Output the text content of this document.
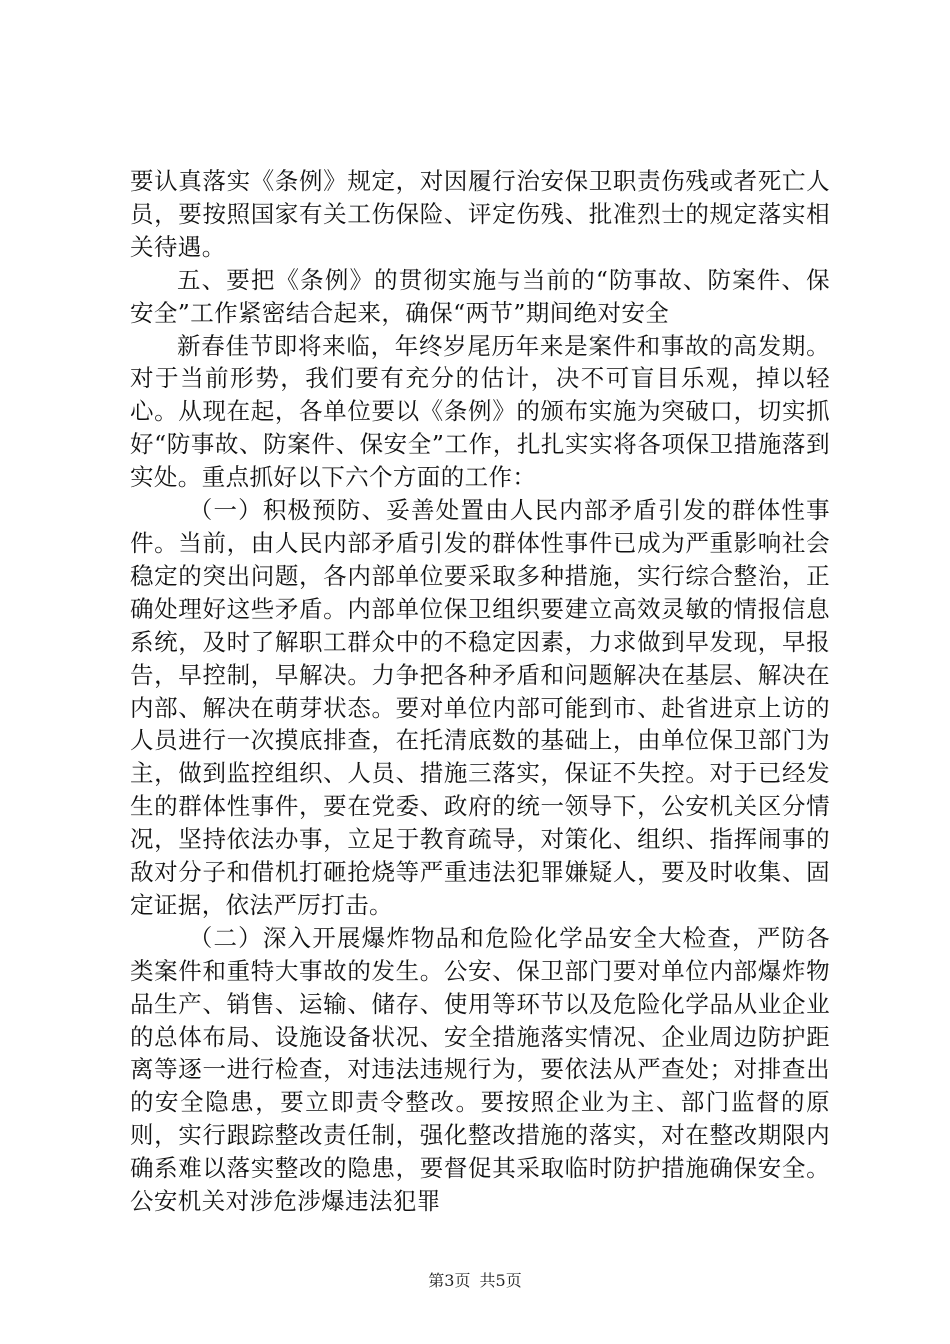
要认真落实《条例》规定，对因履行治安保卫职责伤残或者死亡人员，要按照国家有关工伤保险、评定伤残、批准烈士的规定落实相关待遇。

五、要把《条例》的贯彻实施与当前的“防事故、防案件、保安全”工作紧密结合起来，确保“两节”期间绝对安全

新春佳节即将来临，年终岁尾历年来是案件和事故的高发期。对于当前形势，我们要有充分的估计，决不可盲目乐观，掉以轻心。从现在起，各单位要以《条例》的颁布实施为突破口，切实抓好“防事故、防案件、保安全”工作，扎扎实实将各项保卫措施落到实处。重点抓好以下六个方面的工作：

（一）积极预防、妥善处置由人民内部矛盾引发的群体性事件。当前，由人民内部矛盾引发的群体性事件已成为严重影响社会稳定的突出问题，各内部单位要采取多种措施，实行综合整治，正确处理好这些矛盾。内部单位保卫组织要建立高效灵敏的情报信息系统，及时了解职工群众中的不稳定因素，力求做到早发现，早报告，早控制，早解决。力争把各种矛盾和问题解决在基层、解决在内部、解决在萌芽状态。要对单位内部可能到市、赴省进京上访的人员进行一次摸底排查，在托清底数的基础上，由单位保卫部门为主，做到监控组织、人员、措施三落实，保证不失控。对于已经发生的群体性事件，要在党委、政府的统一领导下，公安机关区分情况，坚持依法办事，立足于教育疏导，对策化、组织、指挥闹事的敌对分子和借机打砸抢烧等严重违法犯罪嫌疑人，要及时收集、固定证据，依法严厉打击。

（二）深入开展爆炸物品和危险化学品安全大检查，严防各类案件和重特大事故的发生。公安、保卫部门要对单位内部爆炸物品生产、销售、运输、储存、使用等环节以及危险化学品从业企业的总体布局、设施设备状况、安全措施落实情况、企业周边防护距离等逐一进行检查，对违法违规行为，要依法从严查处；对排查出的安全隐患，要立即责令整改。要按照企业为主、部门监督的原则，实行跟踪整改责任制，强化整改措施的落实，对在整改期限内确系难以落实整改的隐患，要督促其采取临时防护措施确保安全。公安机关对涉危涉爆违法犯罪

第3页 共5页
